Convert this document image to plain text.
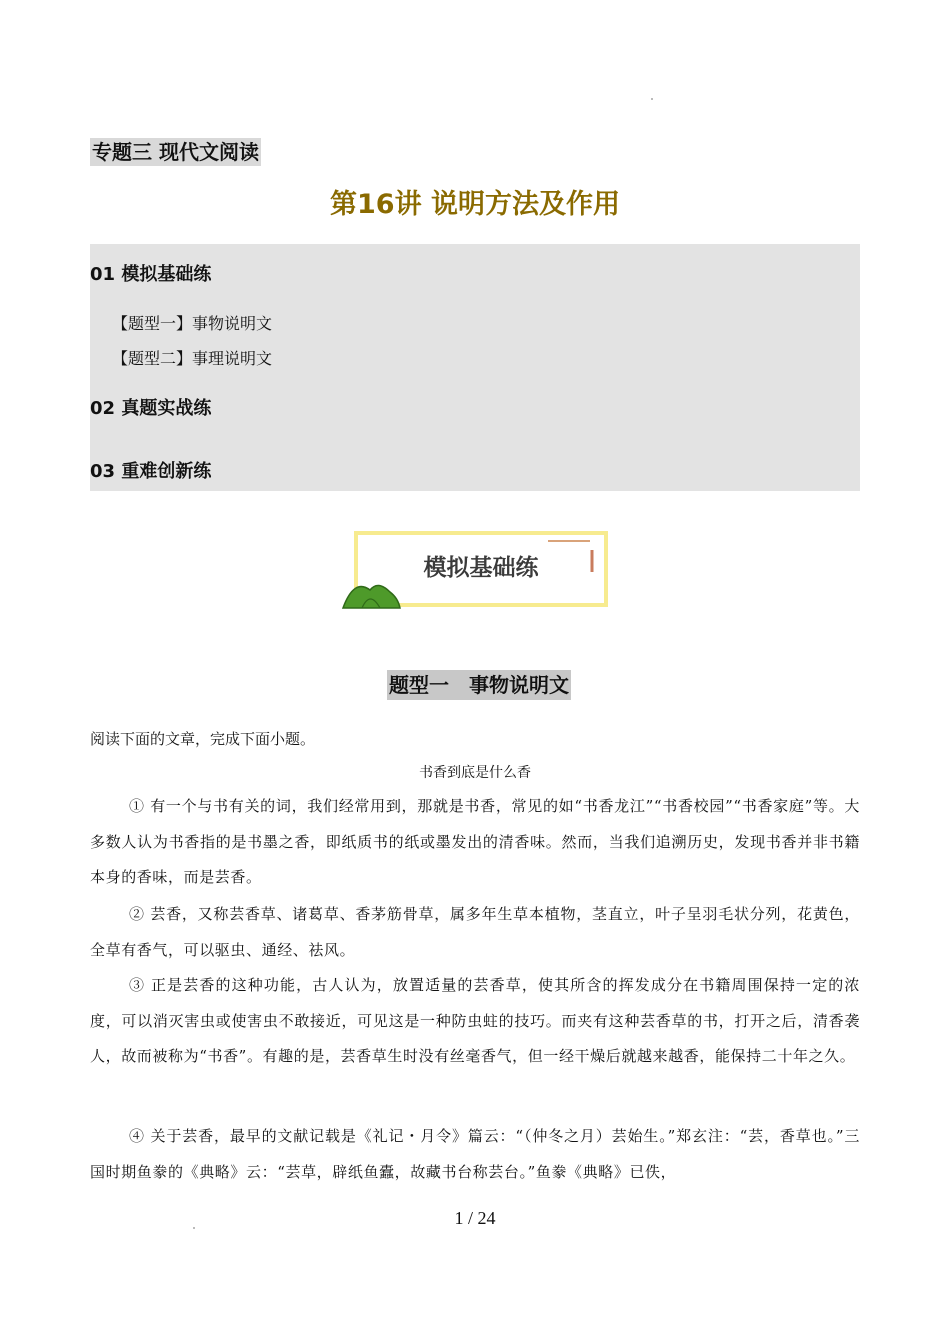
专题三 现代文阅读
第16讲 说明方法及作用
01 模拟基础练
【题型一】事物说明文
【题型二】事理说明文
02 真题实战练
03 重难创新练
模拟基础练
题型一　事物说明文
阅读下面的文章，完成下面小题。
书香到底是什么香
① 有一个与书有关的词，我们经常用到，那就是书香，常见的如“书香龙江”“书香校园”“书香家庭”等。大多数人认为书香指的是书墨之香，即纸质书的纸或墨发出的清香味。然而，当我们追溯历史，发现书香并非书籍本身的香味，而是芸香。
② 芸香，又称芸香草、诸葛草、香茅筋骨草，属多年生草本植物，茎直立，叶子呈羽毛状分列，花黄色，全草有香气，可以驱虫、通经、祛风。
③ 正是芸香的这种功能，古人认为，放置适量的芸香草，使其所含的挥发成分在书籍周围保持一定的浓度，可以消灭害虫或使害虫不敢接近，可见这是一种防虫蛀的技巧。而夹有这种芸香草的书，打开之后，清香袭人，故而被称为“书香”。有趣的是，芸香草生时没有丝毫香气，但一经干燥后就越来越香，能保持二十年之久。
④ 关于芸香，最早的文献记载是《礼记・月令》篇云：“（仲冬之月）芸始生。”郑玄注：“芸，香草也。”三国时期鱼豢的《典略》云：“芸草，辟纸鱼蠹，故藏书台称芸台。”鱼豢《典略》已佚，
1 / 24
